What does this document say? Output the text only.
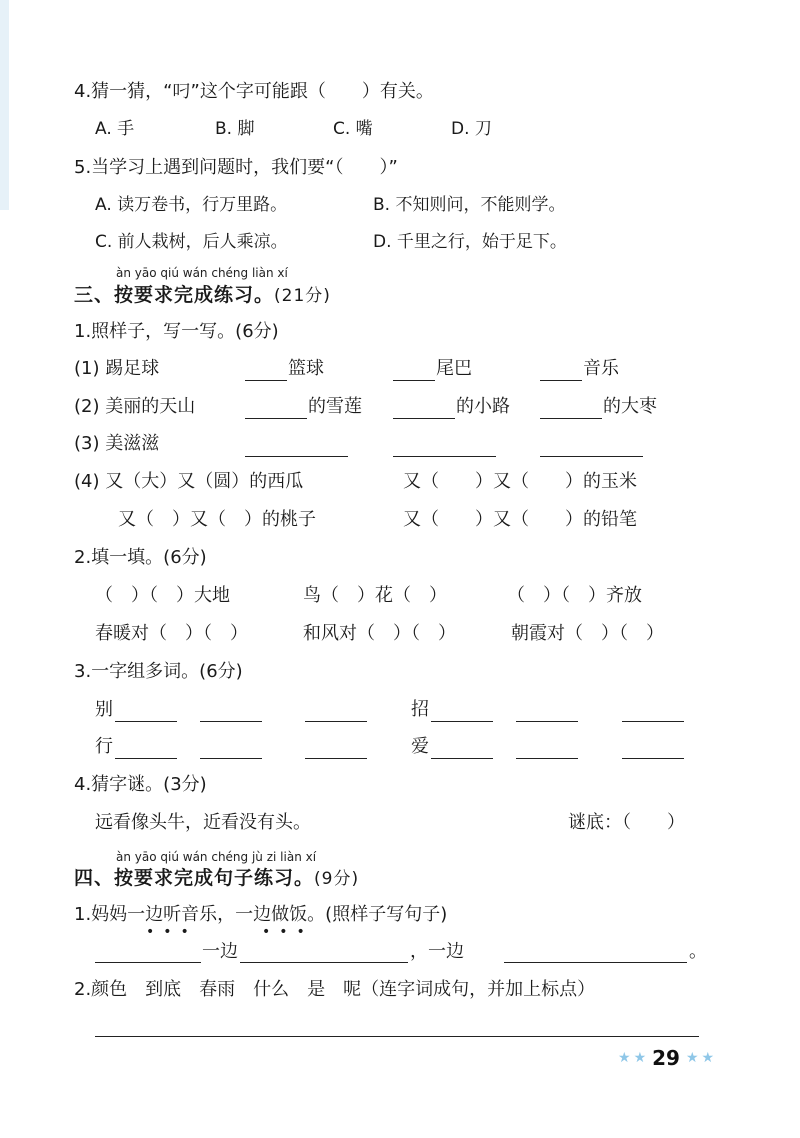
4.猜一猜，“叼”这个字可能跟（　　）有关。
A. 手	B. 脚	C. 嘴	D. 刀
5.当学习上遇到问题时，我们要“（　　）”
A. 读万卷书，行万里路。	B. 不知则问，不能则学。
C. 前人栽树，后人乘凉。	D. 千里之行，始于足下。
àn yāo qiú wán chéng liàn xí
三、按要求完成练习。(21分)
1.照样子，写一写。(6分)
(1) 踢足球	篮球	尾巴	音乐
(2) 美丽的天山	的雪莲	的小路	的大枣
(3) 美滋滋
(4) 又（大）又（圆）的西瓜	又（　　）又（　　）的玉米
又（　）又（　）的桃子	又（　　）又（　　）的铅笔
2.填一填。(6分)
（　）（　）大地	鸟（　）花（　）	（　）（　）齐放
春暖对（　）（　）	和风对（　）（　）	朝霞对（　）（　）
3.一字组多词。(6分)
别	招
行	爱
4.猜字谜。(3分)
远看像头牛，近看没有头。	谜底：（　　）
àn yāo qiú wán chéng jù zi liàn xí
四、按要求完成句子练习。(9分)
1.妈妈一边听音乐，一边做饭。(照样子写句子)
•••	•••
一边	，一边	。
2.颜色　到底　春雨　什么　是　呢（连字词成句，并加上标点）
★ ★ 29 ★ ★
